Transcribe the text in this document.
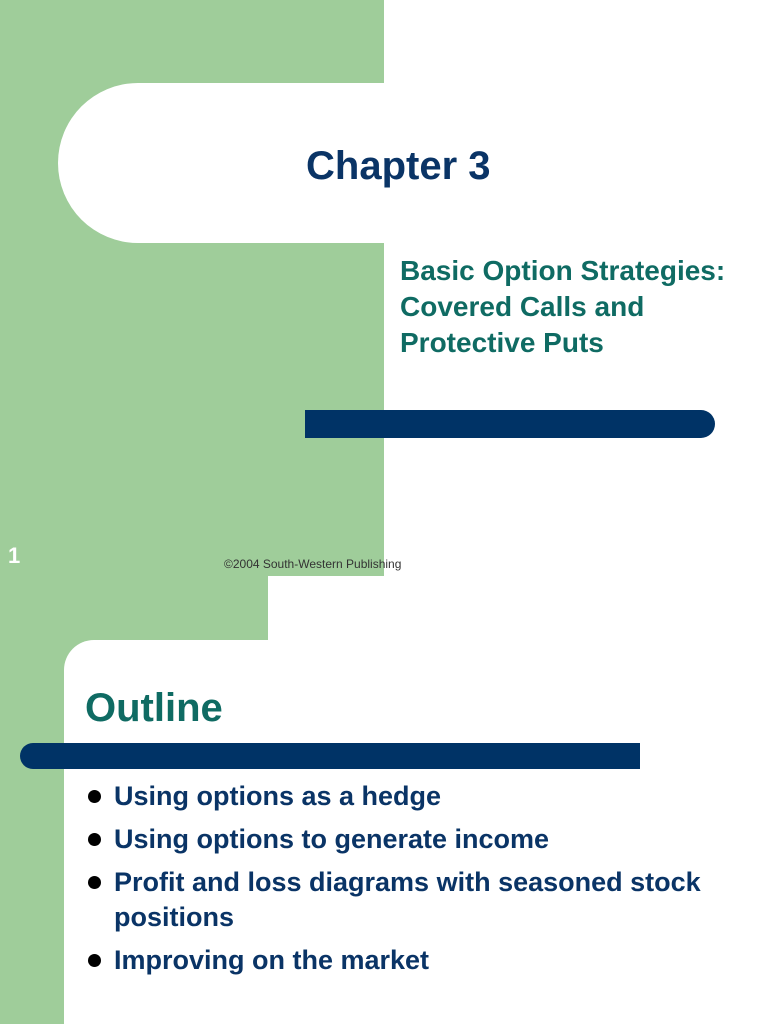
Chapter 3

Basic Option Strategies: Covered Calls and Protective Puts

1	©2004 South-Western Publishing

Outline
Using options as a hedge
Using options to generate income
Profit and loss diagrams with seasoned stock positions
Improving on the market
